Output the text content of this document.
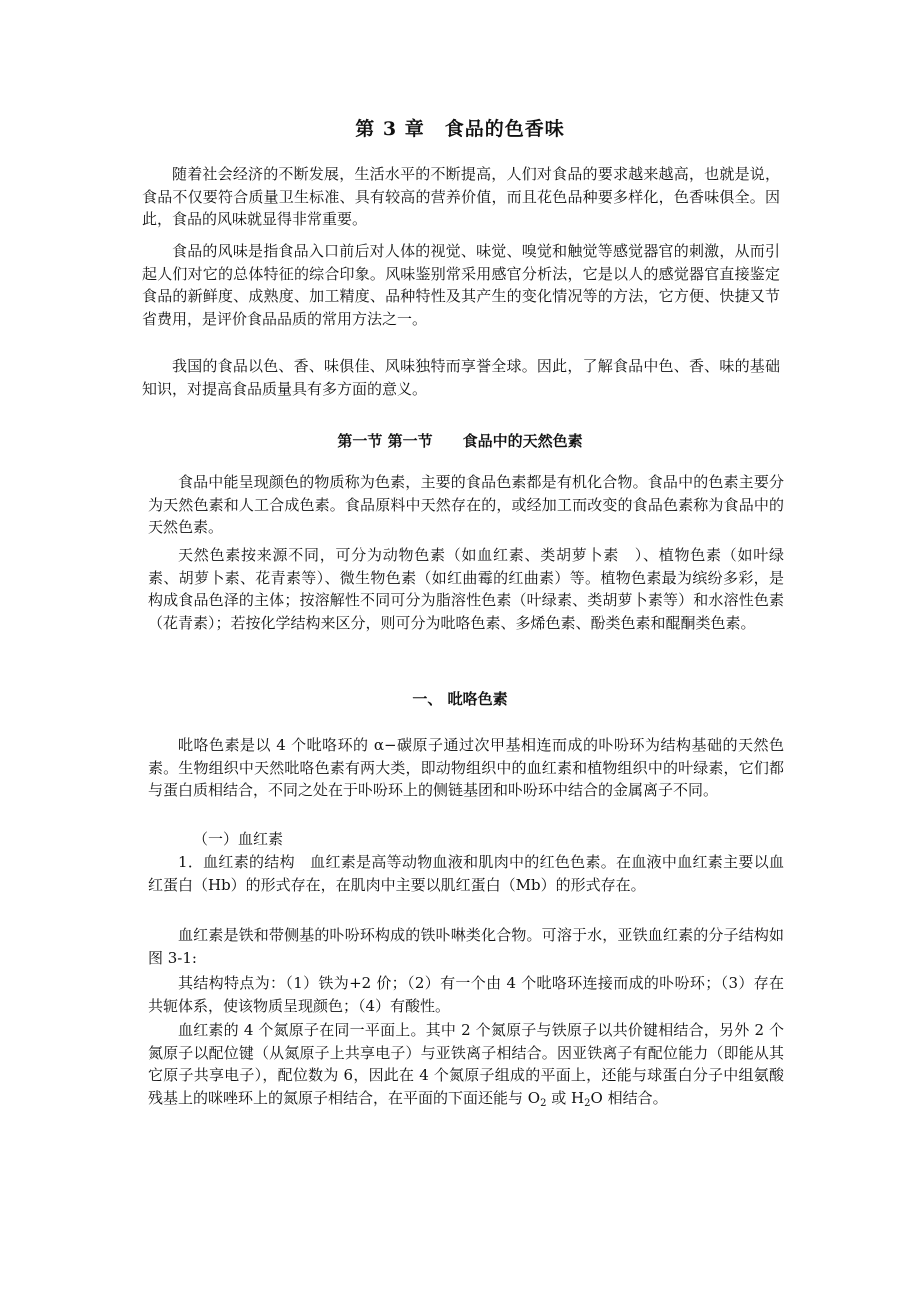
第 3 章　食品的色香味

随着社会经济的不断发展，生活水平的不断提高，人们对食品的要求越来越高，也就是说，食品不仅要符合质量卫生标准、具有较高的营养价值，而且花色品种要多样化，色香味俱全。因此，食品的风味就显得非常重要。

食品的风味是指食品入口前后对人体的视觉、味觉、嗅觉和触觉等感觉器官的刺激，从而引起人们对它的总体特征的综合印象。风味鉴别常采用感官分析法，它是以人的感觉器官直接鉴定食品的新鲜度、成熟度、加工精度、品种特性及其产生的变化情况等的方法，它方便、快捷又节省费用，是评价食品品质的常用方法之一。

我国的食品以色、香、味俱佳、风味独特而享誉全球。因此，了解食品中色、香、味的基础知识，对提高食品质量具有多方面的意义。

第一节 第一节　　食品中的天然色素

食品中能呈现颜色的物质称为色素，主要的食品色素都是有机化合物。食品中的色素主要分为天然色素和人工合成色素。食品原料中天然存在的，或经加工而改变的食品色素称为食品中的天然色素。

天然色素按来源不同，可分为动物色素（如血红素、类胡萝卜素　）、植物色素（如叶绿素、胡萝卜素、花青素等）、微生物色素（如红曲霉的红曲素）等。植物色素最为缤纷多彩，是构成食品色泽的主体；按溶解性不同可分为脂溶性色素（叶绿素、类胡萝卜素等）和水溶性色素（花青素）；若按化学结构来区分，则可分为吡咯色素、多烯色素、酚类色素和醌酮类色素。

一、 吡咯色素

吡咯色素是以 4 个吡咯环的 α−碳原子通过次甲基相连而成的卟吩环为结构基础的天然色素。生物组织中天然吡咯色素有两大类，即动物组织中的血红素和植物组织中的叶绿素，它们都与蛋白质相结合，不同之处在于卟吩环上的侧链基团和卟吩环中结合的金属离子不同。

（一）血红素

1．血红素的结构　血红素是高等动物血液和肌肉中的红色色素。在血液中血红素主要以血红蛋白（Hb）的形式存在，在肌肉中主要以肌红蛋白（Mb）的形式存在。

血红素是铁和带侧基的卟吩环构成的铁卟啉类化合物。可溶于水，亚铁血红素的分子结构如图 3-1:

其结构特点为：（1）铁为+2 价；（2）有一个由 4 个吡咯环连接而成的卟吩环；（3）存在共轭体系，使该物质呈现颜色；（4）有酸性。

血红素的 4 个氮原子在同一平面上。其中 2 个氮原子与铁原子以共价键相结合，另外 2 个氮原子以配位键（从氮原子上共享电子）与亚铁离子相结合。因亚铁离子有配位能力（即能从其它原子共享电子），配位数为 6，因此在 4 个氮原子组成的平面上，还能与球蛋白分子中组氨酸残基上的咪唑环上的氮原子相结合，在平面的下面还能与 $O_2$ 或 $H_2O$ 相结合。
